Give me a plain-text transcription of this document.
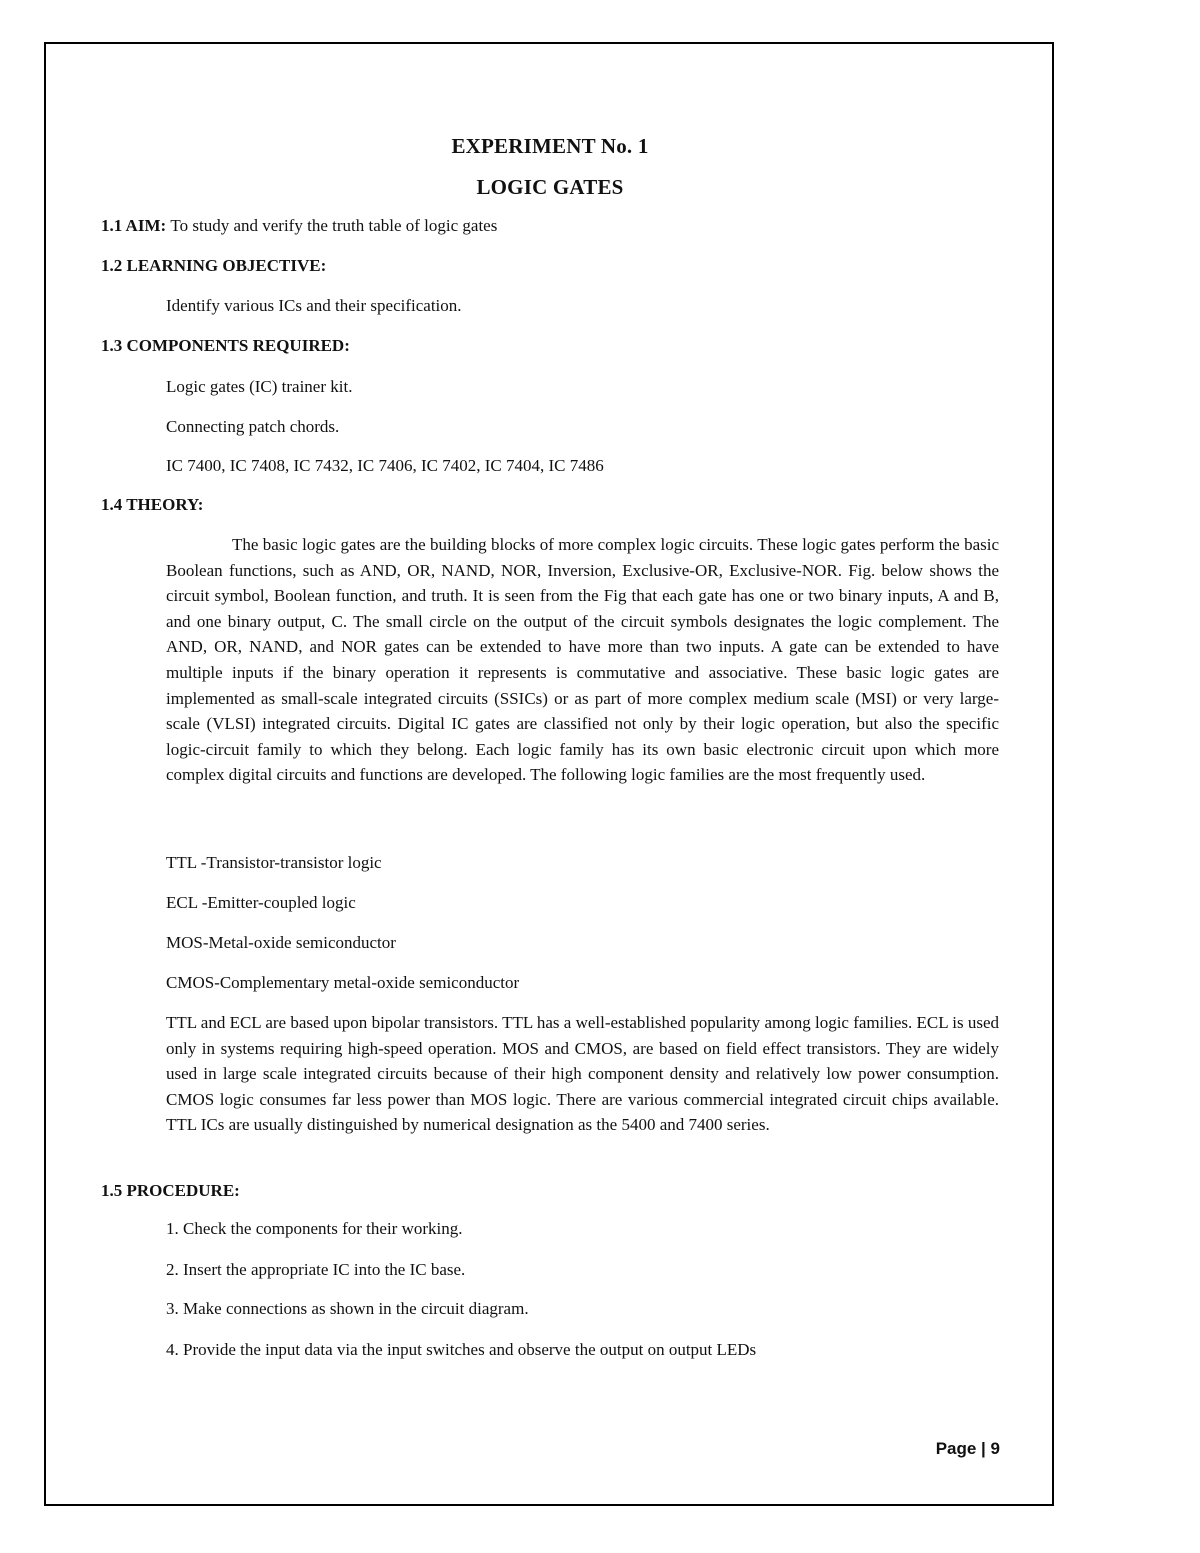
EXPERIMENT No. 1
LOGIC GATES
1.1 AIM: To study and verify the truth table of logic gates
1.2 LEARNING OBJECTIVE:
Identify various ICs and their specification.
1.3 COMPONENTS REQUIRED:
Logic gates (IC) trainer kit.
Connecting patch chords.
IC 7400, IC 7408, IC 7432, IC 7406, IC 7402, IC 7404, IC 7486
1.4 THEORY:

The basic logic gates are the building blocks of more complex logic circuits. These logic gates perform the basic Boolean functions, such as AND, OR, NAND, NOR, Inversion, Exclusive-OR, Exclusive-NOR. Fig. below shows the circuit symbol, Boolean function, and truth. It is seen from the Fig that each gate has one or two binary inputs, A and B, and one binary output, C. The small circle on the output of the circuit symbols designates the logic complement. The AND, OR, NAND, and NOR gates can be extended to have more than two inputs. A gate can be extended to have multiple inputs if the binary operation it represents is commutative and associative. These basic logic gates are implemented as small-scale integrated circuits (SSICs) or as part of more complex medium scale (MSI) or very large-scale (VLSI) integrated circuits. Digital IC gates are classified not only by their logic operation, but also the specific logic-circuit family to which they belong. Each logic family has its own basic electronic circuit upon which more complex digital circuits and functions are developed. The following logic families are the most frequently used.

TTL -Transistor-transistor logic
ECL -Emitter-coupled logic
MOS-Metal-oxide semiconductor
CMOS-Complementary metal-oxide semiconductor

TTL and ECL are based upon bipolar transistors. TTL has a well-established popularity among logic families. ECL is used only in systems requiring high-speed operation. MOS and CMOS, are based on field effect transistors. They are widely used in large scale integrated circuits because of their high component density and relatively low power consumption. CMOS logic consumes far less power than MOS logic. There are various commercial integrated circuit chips available. TTL ICs are usually distinguished by numerical designation as the 5400 and 7400 series.

1.5 PROCEDURE:
1. Check the components for their working.
2. Insert the appropriate IC into the IC base.
3. Make connections as shown in the circuit diagram.
4. Provide the input data via the input switches and observe the output on output LEDs
Page | 9
